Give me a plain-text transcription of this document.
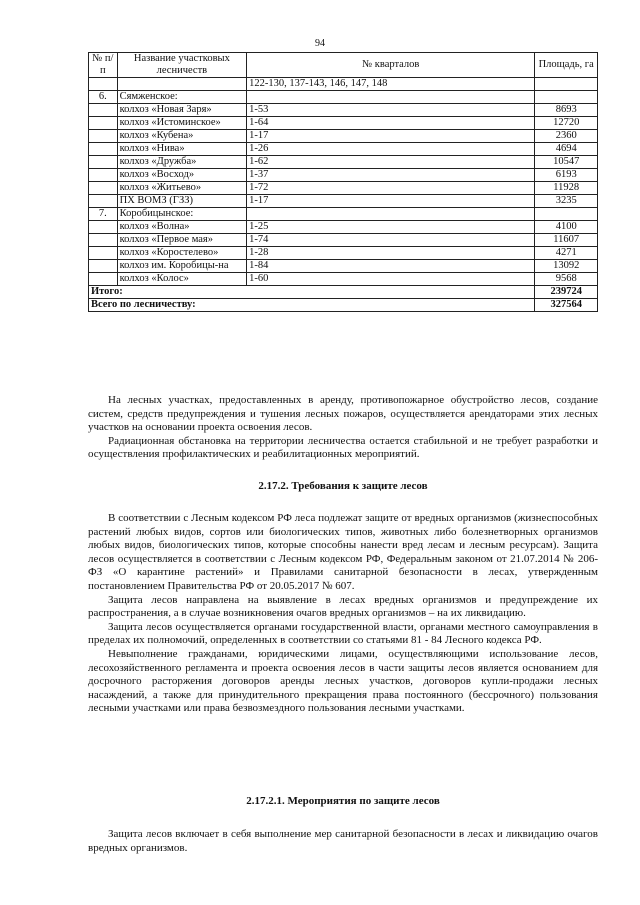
94
№ п/п	Название участковых лесничеств	№ кварталов	Площадь, га
		122-130, 137-143, 146, 147, 148	
6.	Сямженское:		
	колхоз «Новая Заря»	1-53	8693
	колхоз «Истоминское»	1-64	12720
	колхоз «Кубена»	1-17	2360
	колхоз «Нива»	1-26	4694
	колхоз «Дружба»	1-62	10547
	колхоз «Восход»	1-37	6193
	колхоз «Житьево»	1-72	11928
	ПХ ВОМЗ (ГЗЗ)	1-17	3235
7.	Коробицынское:		
	колхоз «Волна»	1-25	4100
	колхоз «Первое мая»	1-74	11607
	колхоз «Коростелево»	1-28	4271
	колхоз им. Коробицы-на	1-84	13092
	колхоз «Колос»	1-60	9568
Итого:			239724
Всего по лесничеству:			327564

На лесных участках, предоставленных в аренду, противопожарное обустройство лесов, создание систем, средств предупреждения и тушения лесных пожаров, осуществляется арендаторами этих лесных участков на основании проекта освоения лесов.

Радиационная обстановка на территории лесничества остается стабильной и не требует разработки и осуществления профилактических и реабилитационных мероприятий.

2.17.2. Требования к защите лесов

В соответствии с Лесным кодексом РФ леса подлежат защите от вредных организмов (жизнеспособных растений любых видов, сортов или биологических типов, животных либо болезнетворных организмов любых видов, биологических типов, которые способны нанести вред лесам и лесным ресурсам). Защита лесов осуществляется в соответствии с Лесным кодексом РФ, Федеральным законом от 21.07.2014 № 206-ФЗ «О карантине растений» и Правилами санитарной безопасности в лесах, утвержденным постановлением Правительства РФ от 20.05.2017 № 607.

Защита лесов направлена на выявление в лесах вредных организмов и предупреждение их распространения, а в случае возникновения очагов вредных организмов – на их ликвидацию.

Защита лесов осуществляется органами государственной власти, органами местного самоуправления в пределах их полномочий, определенных в соответствии со статьями 81 - 84 Лесного кодекса РФ.

Невыполнение гражданами, юридическими лицами, осуществляющими использование лесов, лесохозяйственного регламента и проекта освоения лесов в части защиты лесов является основанием для досрочного расторжения договоров аренды лесных участков, договоров купли-продажи лесных насаждений, а также для принудительного прекращения права постоянного (бессрочного) пользования лесными участками или права безвозмездного пользования лесными участками.

2.17.2.1. Мероприятия по защите лесов

Защита лесов включает в себя выполнение мер санитарной безопасности в лесах и ликвидацию очагов вредных организмов.
